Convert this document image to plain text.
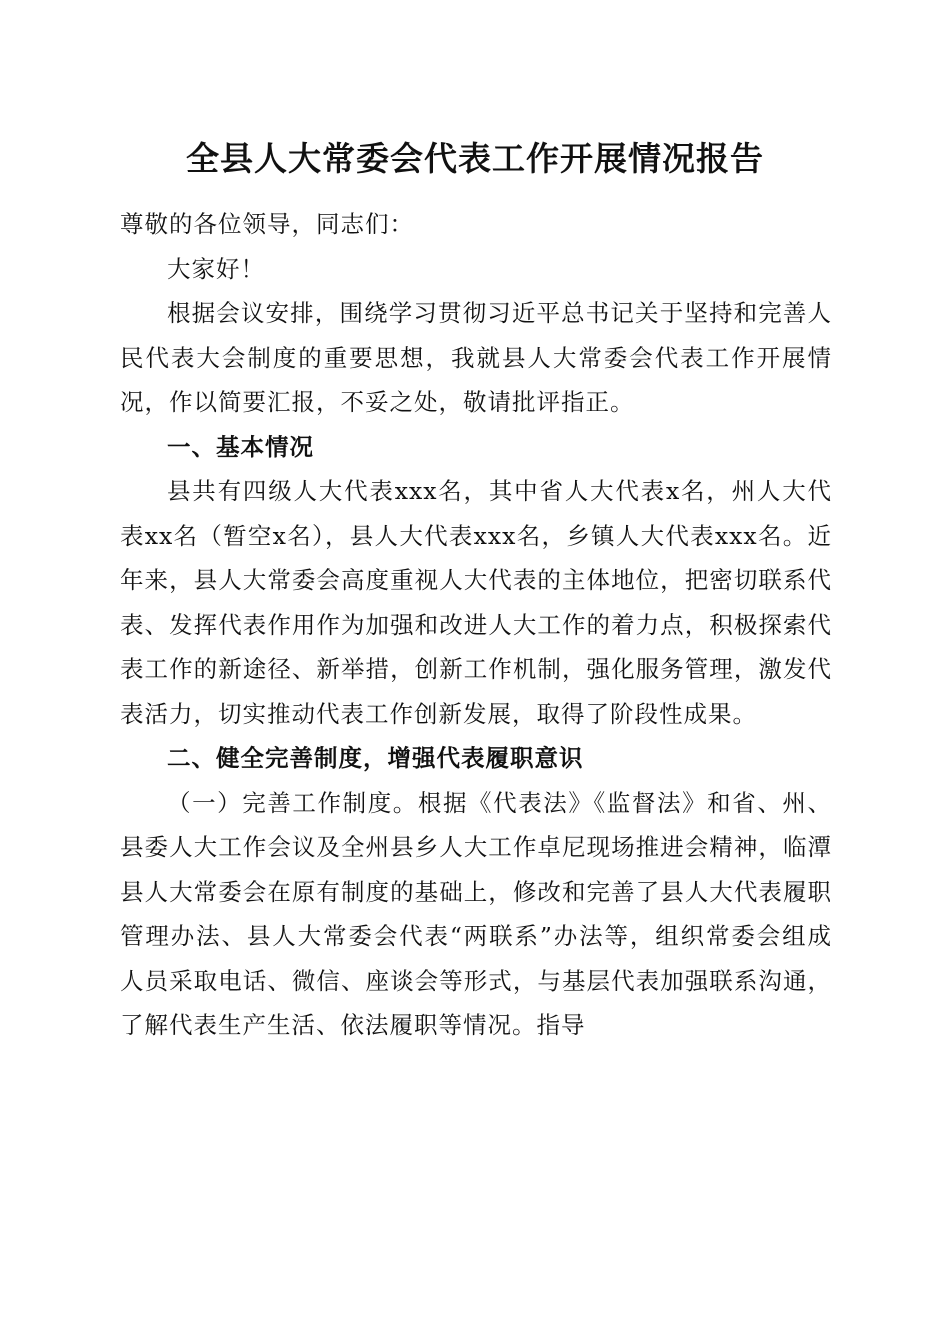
全县人大常委会代表工作开展情况报告

尊敬的各位领导，同志们：

大家好！

根据会议安排，围绕学习贯彻习近平总书记关于坚持和完善人民代表大会制度的重要思想，我就县人大常委会代表工作开展情况，作以简要汇报，不妥之处，敬请批评指正。

一、基本情况

县共有四级人大代表xxx名，其中省人大代表x名，州人大代表xx名（暂空x名），县人大代表xxx名，乡镇人大代表xxx名。近年来，县人大常委会高度重视人大代表的主体地位，把密切联系代表、发挥代表作用作为加强和改进人大工作的着力点，积极探索代表工作的新途径、新举措，创新工作机制，强化服务管理，激发代表活力，切实推动代表工作创新发展，取得了阶段性成果。

二、健全完善制度，增强代表履职意识

（一）完善工作制度。根据《代表法》《监督法》和省、州、县委人大工作会议及全州县乡人大工作卓尼现场推进会精神，临潭县人大常委会在原有制度的基础上，修改和完善了县人大代表履职管理办法、县人大常委会代表“两联系”办法等，组织常委会组成人员采取电话、微信、座谈会等形式，与基层代表加强联系沟通，了解代表生产生活、依法履职等情况。指导
